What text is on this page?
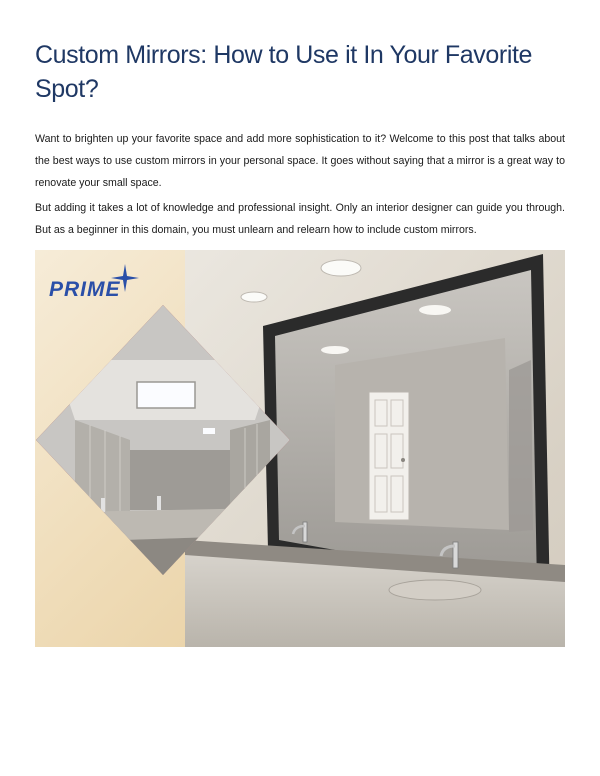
Custom Mirrors: How to Use it In Your Favorite Spot?

Want to brighten up your favorite space and add more sophistication to it? Welcome to this post that talks about the best ways to use custom mirrors in your personal space. It goes without saying that a mirror is a great way to renovate your small space.

But adding it takes a lot of knowledge and professional insight. Only an interior designer can guide you through. But as a beginner in this domain, you must unlearn and relearn how to include custom mirrors.

PRIME
